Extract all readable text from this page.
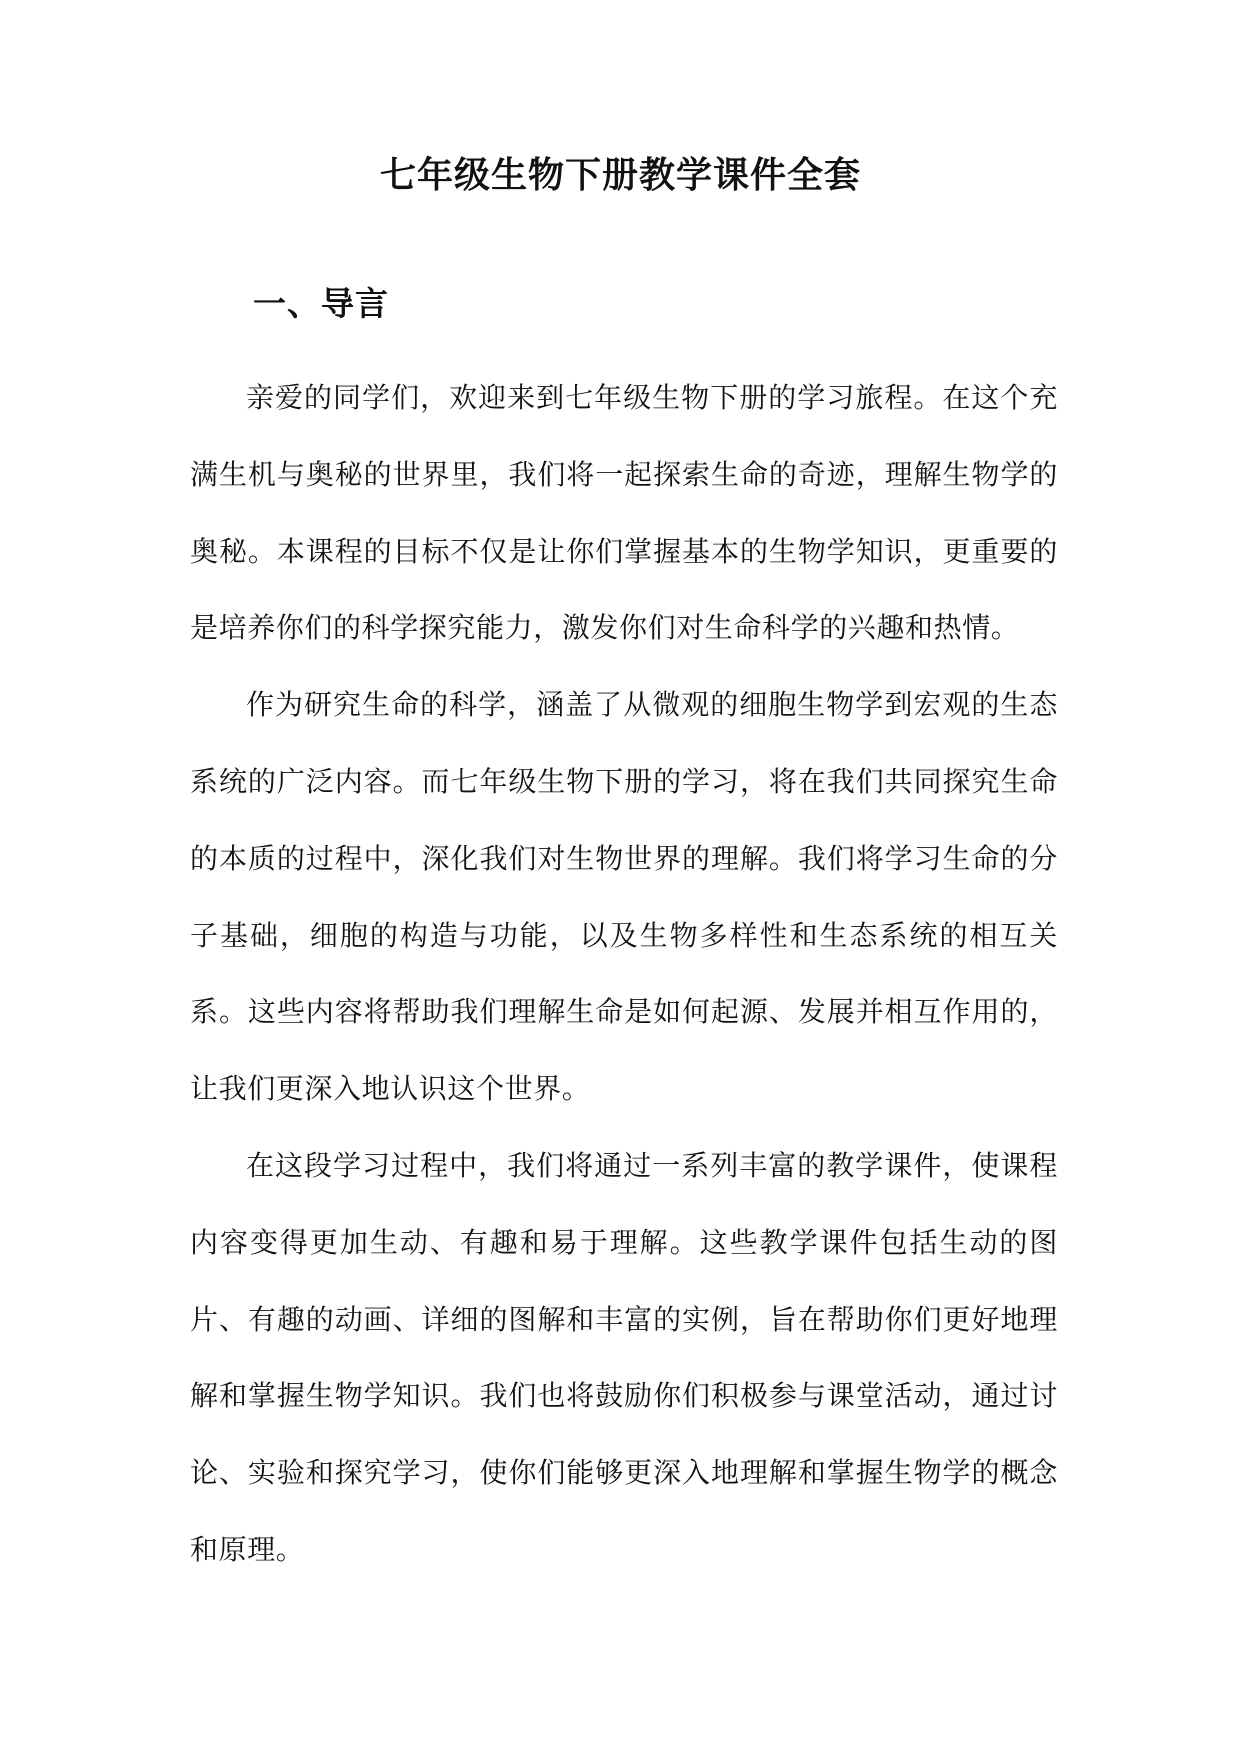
七年级生物下册教学课件全套
一、导言

亲爱的同学们，欢迎来到七年级生物下册的学习旅程。在这个充满生机与奥秘的世界里，我们将一起探索生命的奇迹，理解生物学的奥秘。本课程的目标不仅是让你们掌握基本的生物学知识，更重要的是培养你们的科学探究能力，激发你们对生命科学的兴趣和热情。

作为研究生命的科学，涵盖了从微观的细胞生物学到宏观的生态系统的广泛内容。而七年级生物下册的学习，将在我们共同探究生命的本质的过程中，深化我们对生物世界的理解。我们将学习生命的分子基础，细胞的构造与功能，以及生物多样性和生态系统的相互关系。这些内容将帮助我们理解生命是如何起源、发展并相互作用的，让我们更深入地认识这个世界。

在这段学习过程中，我们将通过一系列丰富的教学课件，使课程内容变得更加生动、有趣和易于理解。这些教学课件包括生动的图片、有趣的动画、详细的图解和丰富的实例，旨在帮助你们更好地理解和掌握生物学知识。我们也将鼓励你们积极参与课堂活动，通过讨论、实验和探究学习，使你们能够更深入地理解和掌握生物学的概念和原理。
